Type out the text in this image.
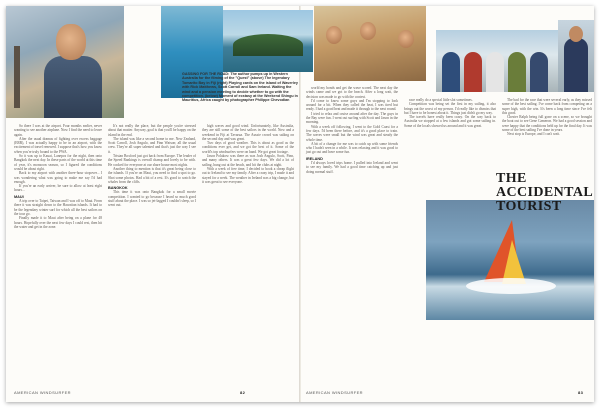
GASSING FOR THE ROAD: The author pumps up in Western Australia for the filming of the "Quest" (above) The legendary Tomarito Bay in Fiji (right) Playing cards on the island of Waverley with Rick Matthews, Scott Carroll and Sam Ireland. Waiting the wind and a pension meeting to decide whether to go with the competition. (below) Moment of ecstasy at the Weekend Shingu in Mauritius, Africa caught by photographer Philippe Chevodian
THE ACCIDENTAL
TOURIST

So there I was at the airport. Four months earlier, never wanting to see another airplane. Now I find the need to leave again.

After the usual dramas of fighting over excess baggage (ERR), I was actually happy to be in an airport, with the excitement of travel renewed. I suppose that's how you know when you're truly bound to the PWA.

So it was up to Kauai, Lanepos for the night, then onto Bangkok the next day. In these parts of the world at this time of year, it's monsoon season, so I figured the conditions would be about right.

Back to my airport with another three-hour stopover... I was wondering what was going to make me say I'd had enough.

If you're an early arriver, be sure to allow at least eight hours...

MAUI

A trip over to Taipei, Taiwan and I was off to Maui. From there it was straight down to the Hawaiian islands. It had to be the legendary winter surf for which all the best sailors on the tour go.

Finally made it to Maui after being on a plane for 48 hours. Hopefully over the next few days I could rest, then hit the water and get in the zone.

It's not really the place, but the people you're stressed about that matter. Anyway, goal is that you'll be happy on the island in the end.

The island was like a second home to me. New Zealand, Scott Carroll, Josh Angulo, and Finn Watson; all the usual crew. They're all super talented and that's just the way I see it.

Tristan Boxford just got back from Europe. The leader of the Speed Rankings is overall champ and lovely to be with. He cooked for everyone at our share house most nights.

Another thing to mention is that it's great being close to the islands. If you're on Maui, you need to find a spot to go. Shot some photos. Had a bit of a rest. It's good to watch the whales from the cliffs.

BANGKOK

This time it was onto Bangkok for a small movie competition. I wanted to go because I heard so much good stuff about the place. I was so jet-lagged I couldn't sleep, so I went out.

high waves and good wind. Unfortunately, like Australia, they are still some of the best sailors in the world. Now and a weekend in Fiji at Tavarua. The Aussie crowd was sailing on the second day and was great.

Two days of good weather. This is about as good as the conditions ever get, and we got the best of it. Some of the world's top windsurfers were on hand. We got great footage.

Jason Polakow was there as was Josh Angulo, Scott, Finn, and many others. It was a great few days. We did a lot of sailing, hung out at the beach, and hit the clubs at night.

With a week of free time, I decided to book a cheap flight out to Ireland to see my family. After a crazy trip, I made it and stayed for a week. The weather in Ireland was a big change, but it was great to see everyone.

world my bonds and get the wave scored. The next day the winds came and we got to the beach. After a long wait, the decision was made to go with the contest.

I'd come to know some guys and I'm stopping to look around for a bit. When they called the heat, I was tired but ready. I had a good heat and made it through to the next round.

I tried to relax and cruise around after the day. The guys in the Bay were fun. I went out surfing with Scott and Jason in the morning.

With a week off following, I went to the Gold Coast for a few days. I'd been there before, and it's a good place to train. The waves were small but the wind was great and steady the whole time.

A bit of a change for me was to catch up with some friends who I hadn't seen in a while. It was relaxing and it was good to just go out and have some fun.

IRELAND

I'd always loved trips home. I pulled into Ireland and went to see my family. We had a good time catching up and just doing normal stuff.

race really do a special little slot sometimes.

Competition was being set the first in my sailing, it also brings out the worst of my person. I'd really like to dismiss that but I have to be honest about it. Things just didn't go my way.

The travels have really been crazy. On the way back to Australia we stopped at a few islands and got some sailing in. Some of the locals showed us around and it was great.

The bad for the race that were several early, as they missed some of the best sailing. I've come back from competing on a super high, with the win. It's been a long time since I've felt this good.

Chester Ralph being full gone on a scene, so we brought the boat out to see Gene Cameron. We had a good session and were happy that the conditions held up for the final day. It was some of the best sailing I've done in years.

Next stop is Europe, and I can't wait.

AMERICAN WINDSURFER	82	AMERICAN WINDSURFER	83
